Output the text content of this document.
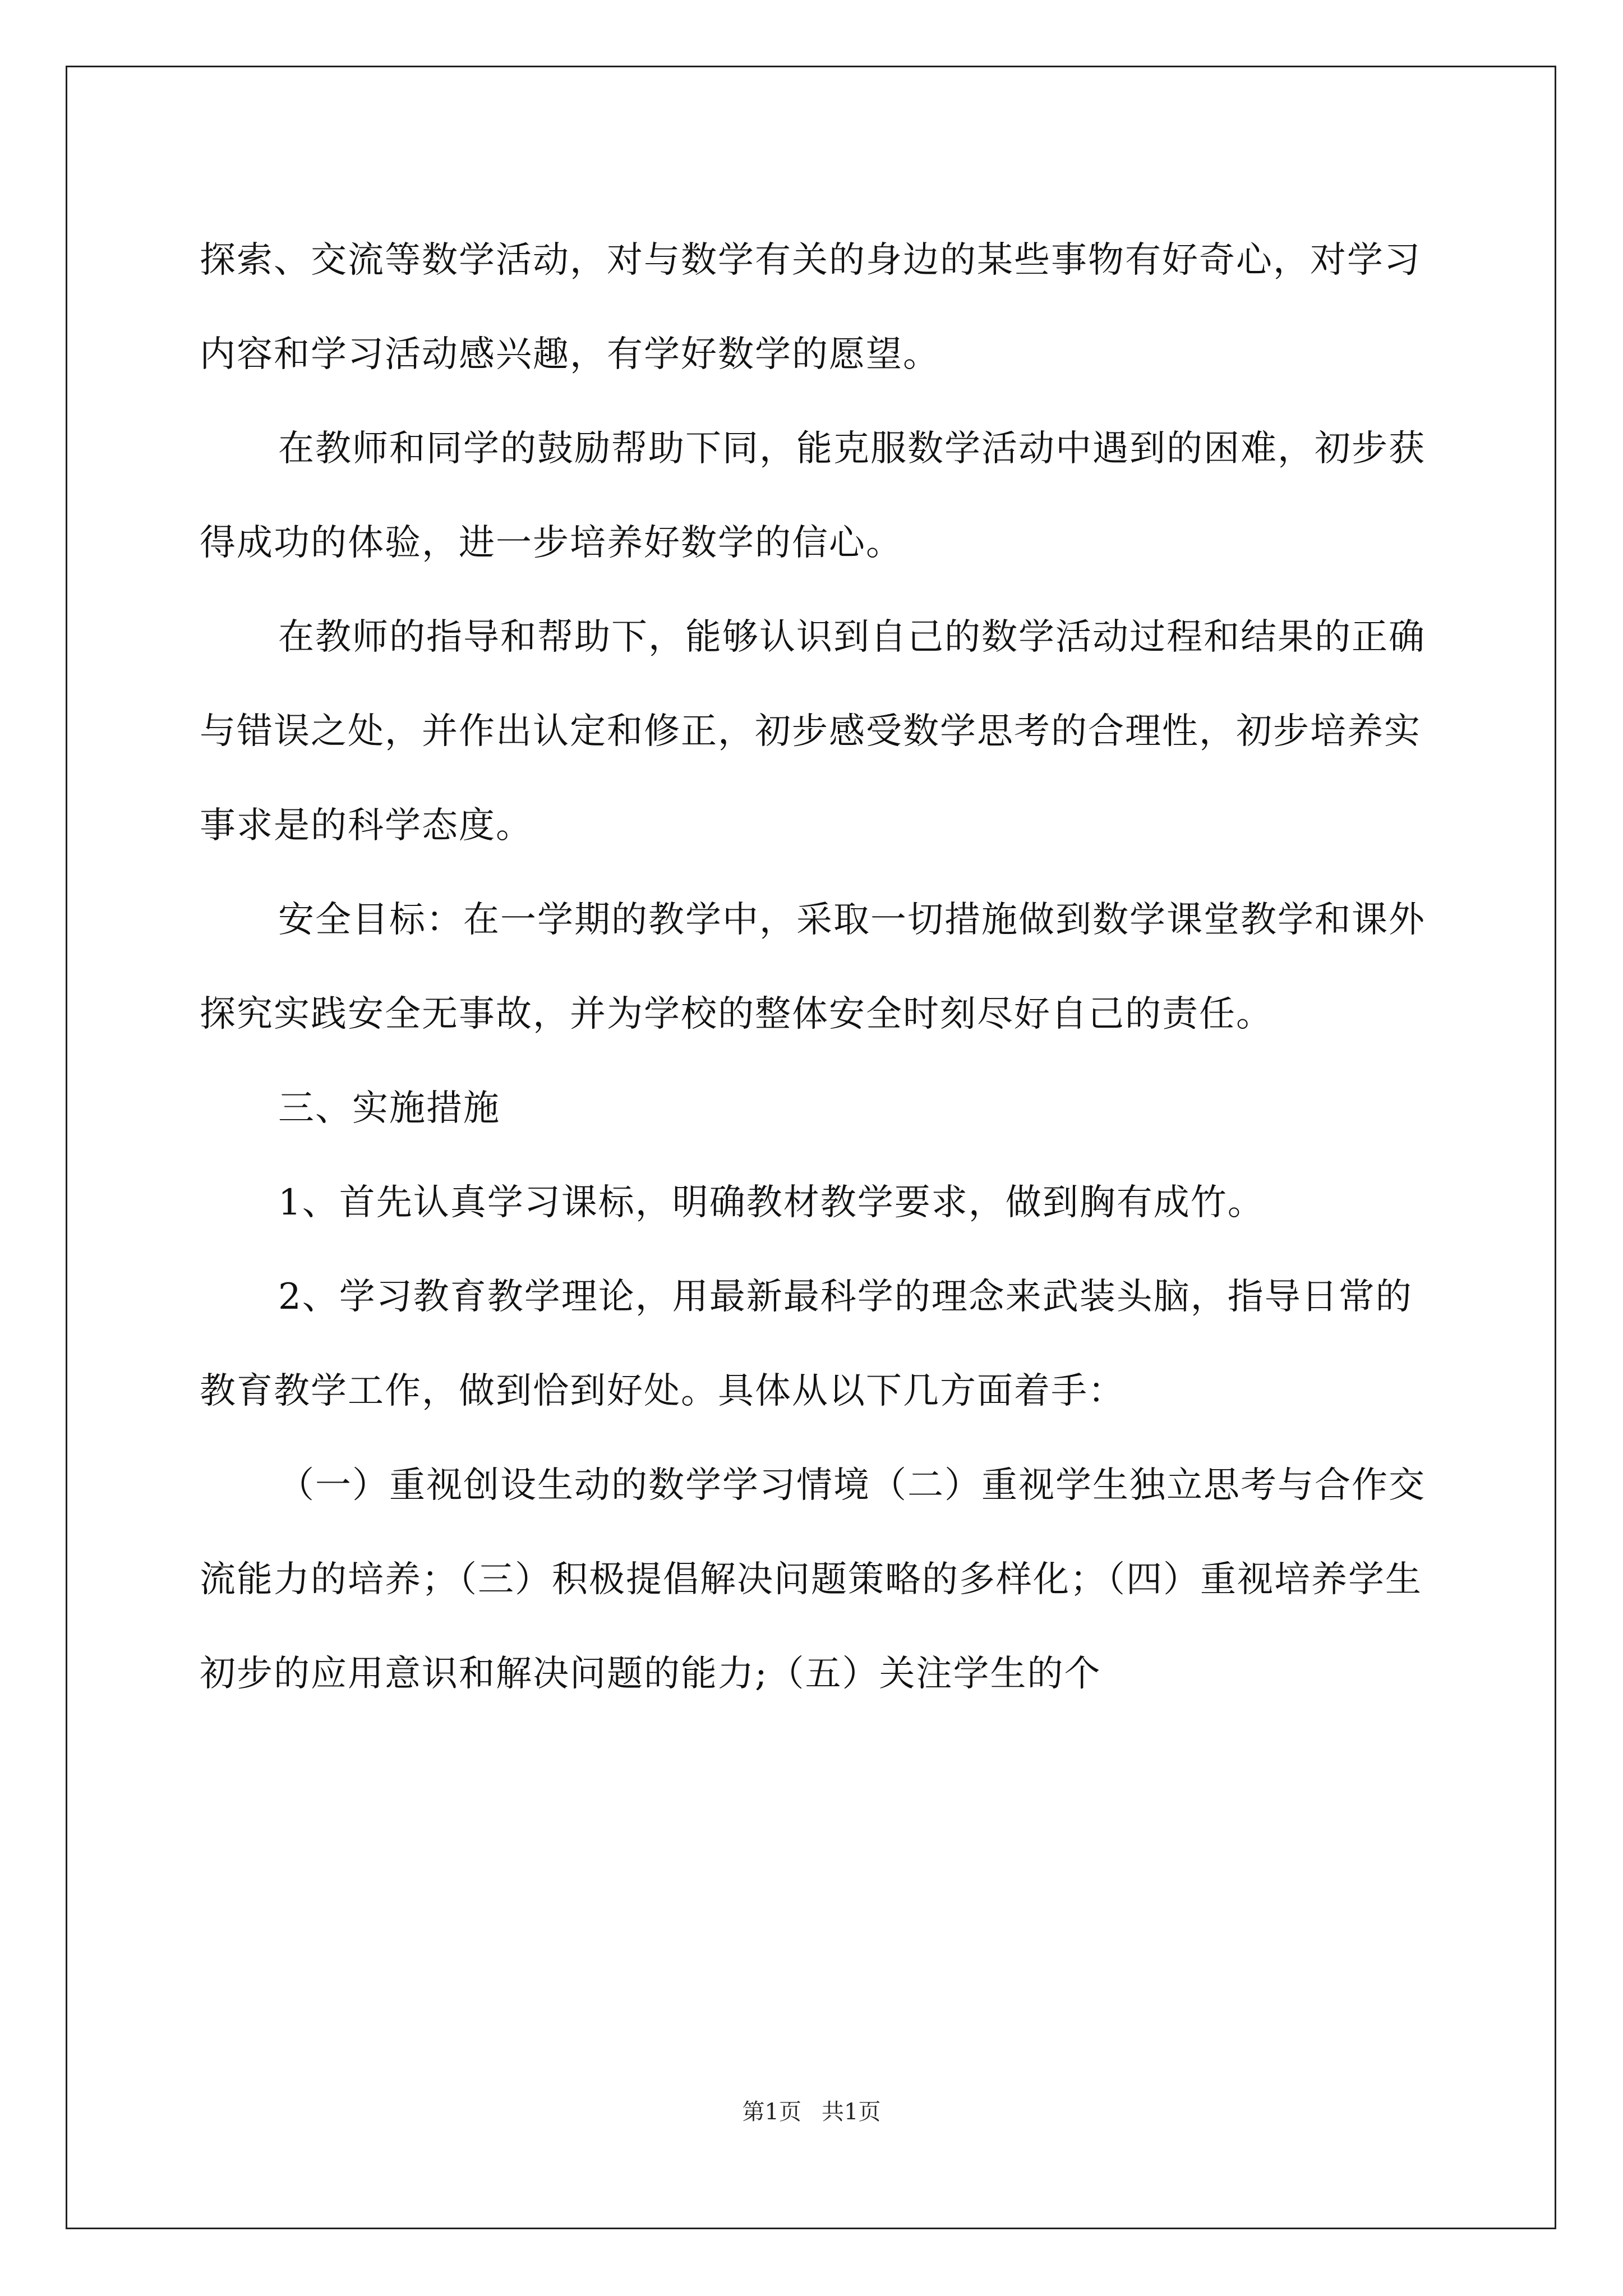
探索、交流等数学活动，对与数学有关的身边的某些事物有好奇心，对学习内容和学习活动感兴趣，有学好数学的愿望。

在教师和同学的鼓励帮助下同，能克服数学活动中遇到的困难，初步获得成功的体验，进一步培养好数学的信心。

在教师的指导和帮助下，能够认识到自己的数学活动过程和结果的正确与错误之处，并作出认定和修正，初步感受数学思考的合理性，初步培养实事求是的科学态度。

安全目标：在一学期的教学中，采取一切措施做到数学课堂教学和课外探究实践安全无事故，并为学校的整体安全时刻尽好自己的责任。

三、实施措施

1、首先认真学习课标，明确教材教学要求，做到胸有成竹。

2、学习教育教学理论，用最新最科学的理念来武装头脑，指导日常的教育教学工作，做到恰到好处。具体从以下几方面着手：

（一）重视创设生动的数学学习情境（二）重视学生独立思考与合作交流能力的培养；（三）积极提倡解决问题策略的多样化；（四）重视培养学生初步的应用意识和解决问题的能力;（五）关注学生的个

第1页 共1页
